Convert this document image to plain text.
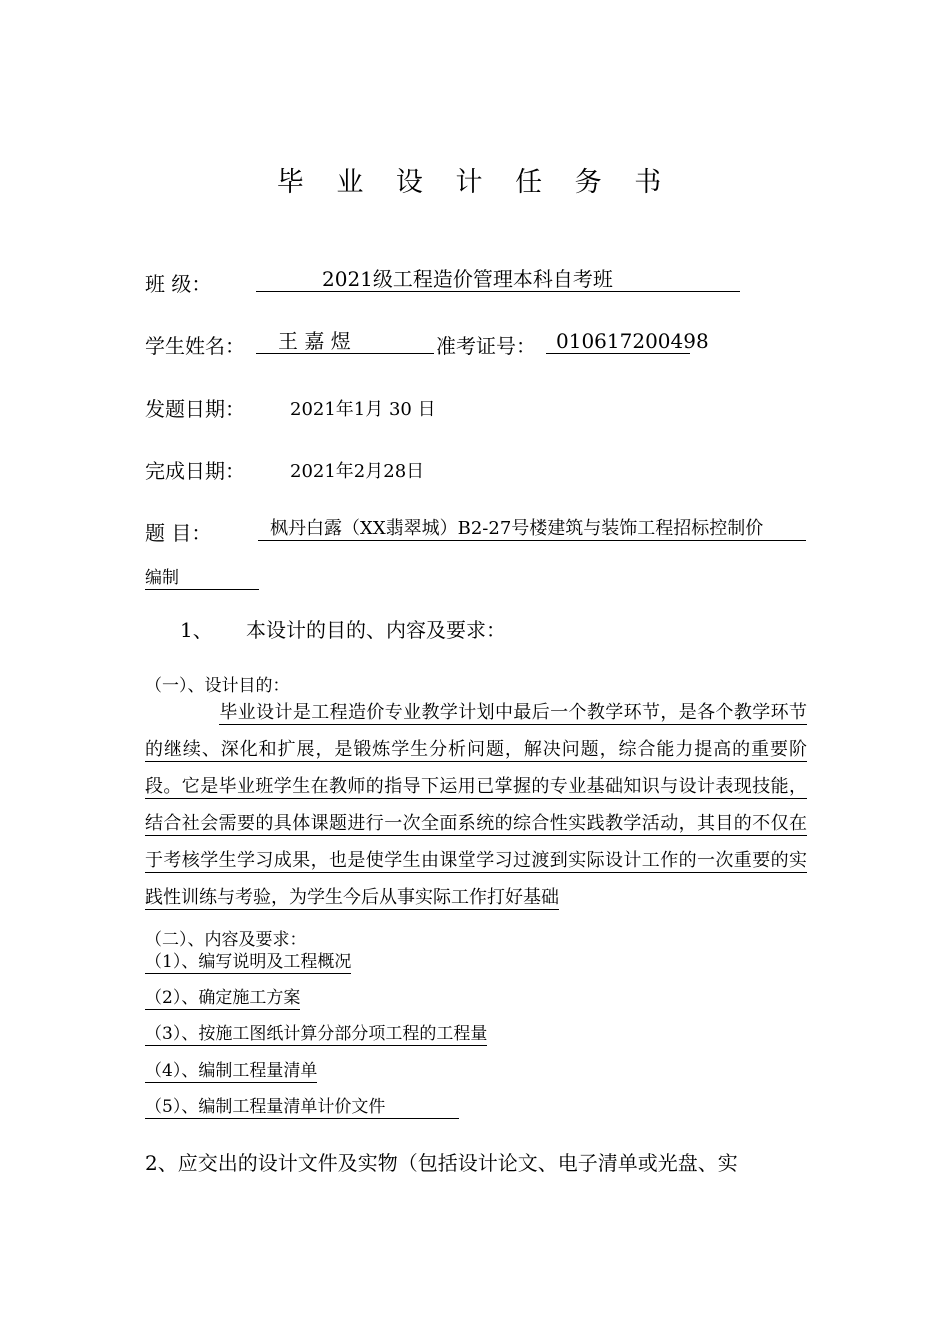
毕 业 设 计 任 务 书
班 级：	2021级工程造价管理本科自考班
学生姓名：	王 嘉 煜	准考证号：	010617200498
发题日期：	2021年1月 30 日
完成日期：	2021年2月28日
题 目：	枫丹白露（XX翡翠城）B2-27号楼建筑与装饰工程招标控制价
编制
1、 本设计的目的、内容及要求：
（一）、设计目的：
毕业设计是工程造价专业教学计划中最后一个教学环节，是各个教学环节的继续、深化和扩展，是锻炼学生分析问题，解决问题，综合能力提高的重要阶段。它是毕业班学生在教师的指导下运用已掌握的专业基础知识与设计表现技能，结合社会需要的具体课题进行一次全面系统的综合性实践教学活动，其目的不仅在于考核学生学习成果，也是使学生由课堂学习过渡到实际设计工作的一次重要的实践性训练与考验，为学生今后从事实际工作打好基础
（二）、内容及要求：
（1）、编写说明及工程概况
（2）、确定施工方案
（3）、按施工图纸计算分部分项工程的工程量
（4）、编制工程量清单
（5）、编制工程量清单计价文件
2、应交出的设计文件及实物（包括设计论文、电子清单或光盘、实
